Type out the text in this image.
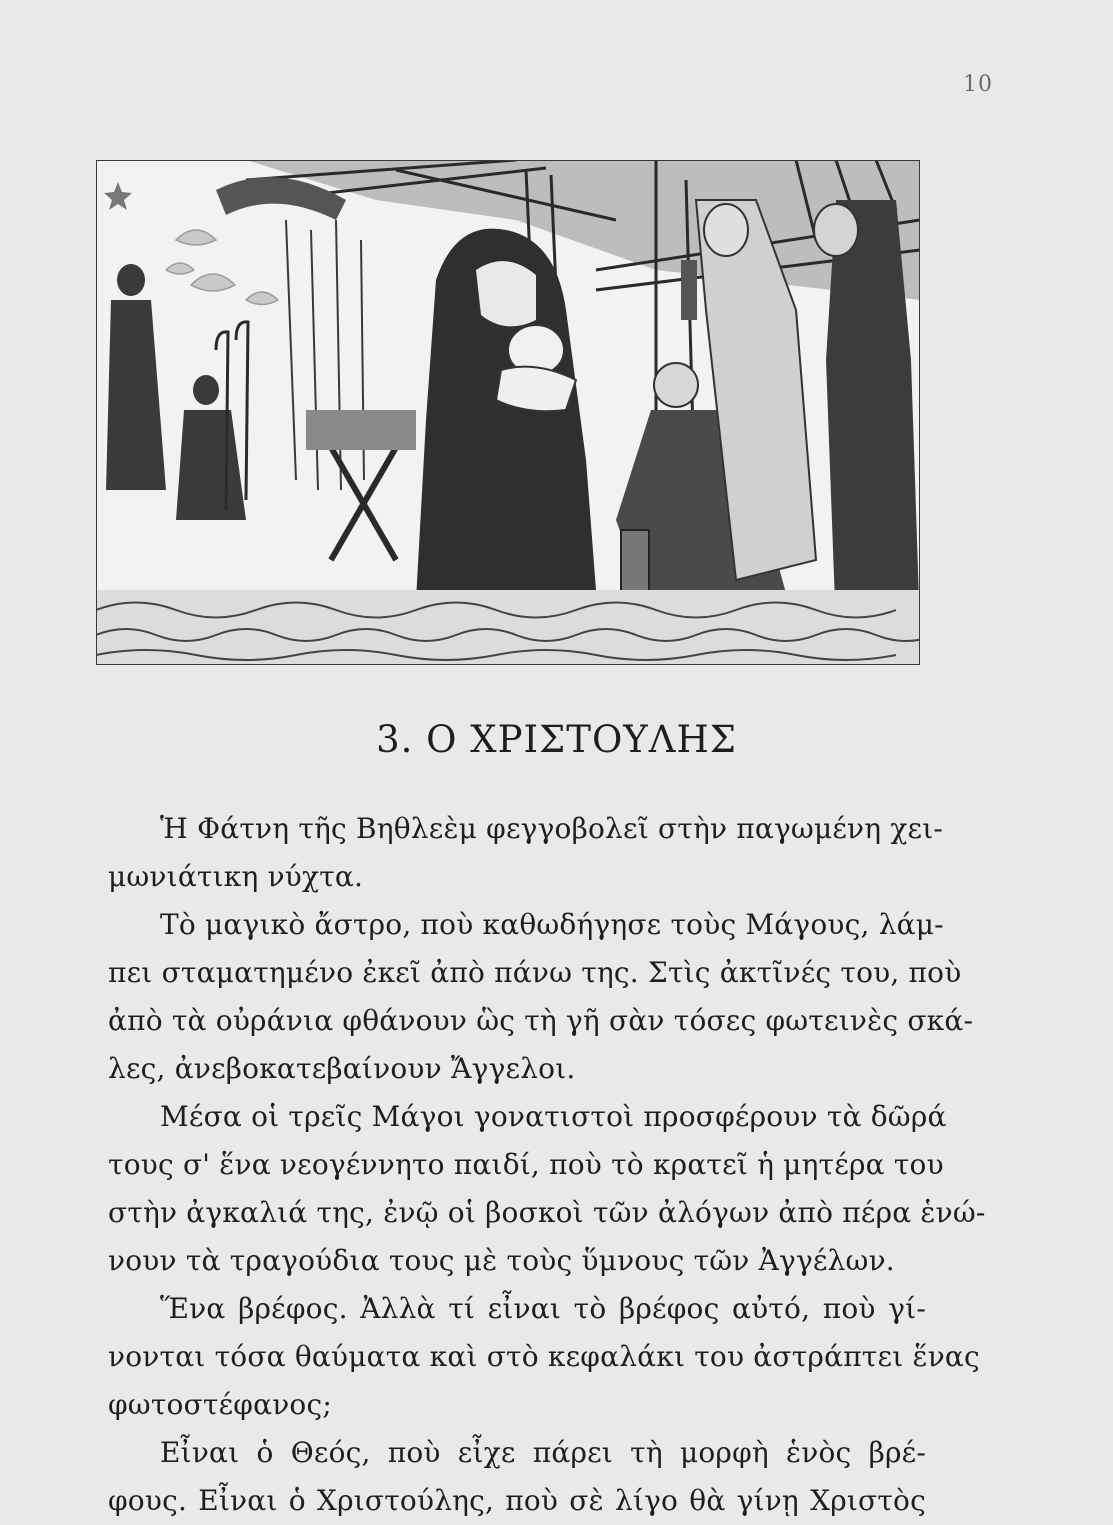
10
3. Ο ΧΡΙΣΤΟΥΛΗΣ
Ἡ Φάτνη τῆς Βηθλεὲμ φεγγοβολεῖ στὴν παγωμένη χει-
μωνιάτικη νύχτα.
Τὸ μαγικὸ ἄστρο, ποὺ καθωδήγησε τοὺς Μάγους, λάμ-
πει σταματημένο ἐκεῖ ἀπὸ πάνω της. Στὶς ἀκτῖνές του, ποὺ
ἀπὸ τὰ οὐράνια φθάνουν ὣς τὴ γῆ σὰν τόσες φωτεινὲς σκά-
λες, ἀνεβοκατεβαίνουν Ἄγγελοι.
Μέσα οἱ τρεῖς Μάγοι γονατιστοὶ προσφέρουν τὰ δῶρά
τους σ' ἕνα νεογέννητο παιδί, ποὺ τὸ κρατεῖ ἡ μητέρα του
στὴν ἀγκαλιά της, ἐνῷ οἱ βοσκοὶ τῶν ἀλόγων ἀπὸ πέρα ἑνώ-
νουν τὰ τραγούδια τους μὲ τοὺς ὕμνους τῶν Ἀγγέλων.
Ἕνα βρέφος. Ἀλλὰ τί εἶναι τὸ βρέφος αὐτό, ποὺ γί-
νονται τόσα θαύματα καὶ στὸ κεφαλάκι του ἀστράπτει ἕνας
φωτοστέφανος;
Εἶναι ὁ Θεός, ποὺ εἶχε πάρει τὴ μορφὴ ἑνὸς βρέ-
φους. Εἶναι ὁ Χριστούλης, ποὺ σὲ λίγο θὰ γίνῃ Χριστὸς
